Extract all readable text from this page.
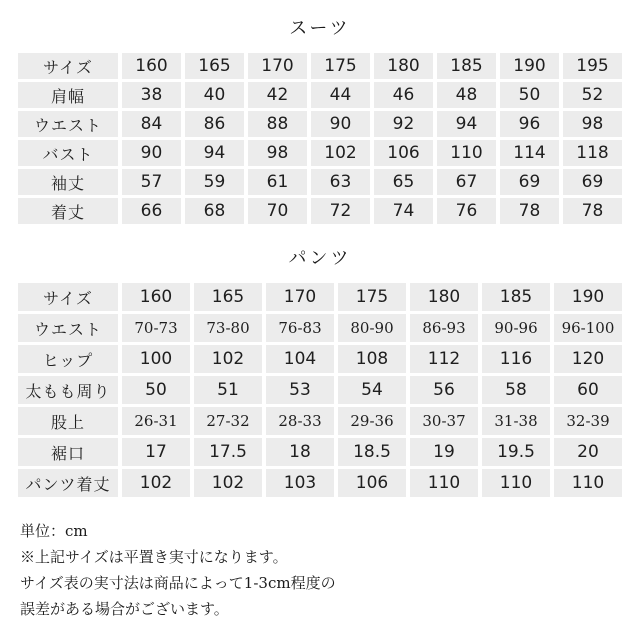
スーツ
サイズ	160	165	170	175	180	185	190	195
肩幅	38	40	42	44	46	48	50	52
ウエスト	84	86	88	90	92	94	96	98
バスト	90	94	98	102	106	110	114	118
袖丈	57	59	61	63	65	67	69	69
着丈	66	68	70	72	74	76	78	78
パンツ
サイズ	160	165	170	175	180	185	190
ウエスト	70-73	73-80	76-83	80-90	86-93	90-96	96-100
ヒップ	100	102	104	108	112	116	120
太もも周り	50	51	53	54	56	58	60
股上	26-31	27-32	28-33	29-36	30-37	31-38	32-39
裾口	17	17.5	18	18.5	19	19.5	20
パンツ着丈	102	102	103	106	110	110	110
単位：cm
※上記サイズは平置き実寸になります。
サイズ表の実寸法は商品によって1-3cm程度の
誤差がある場合がございます。
